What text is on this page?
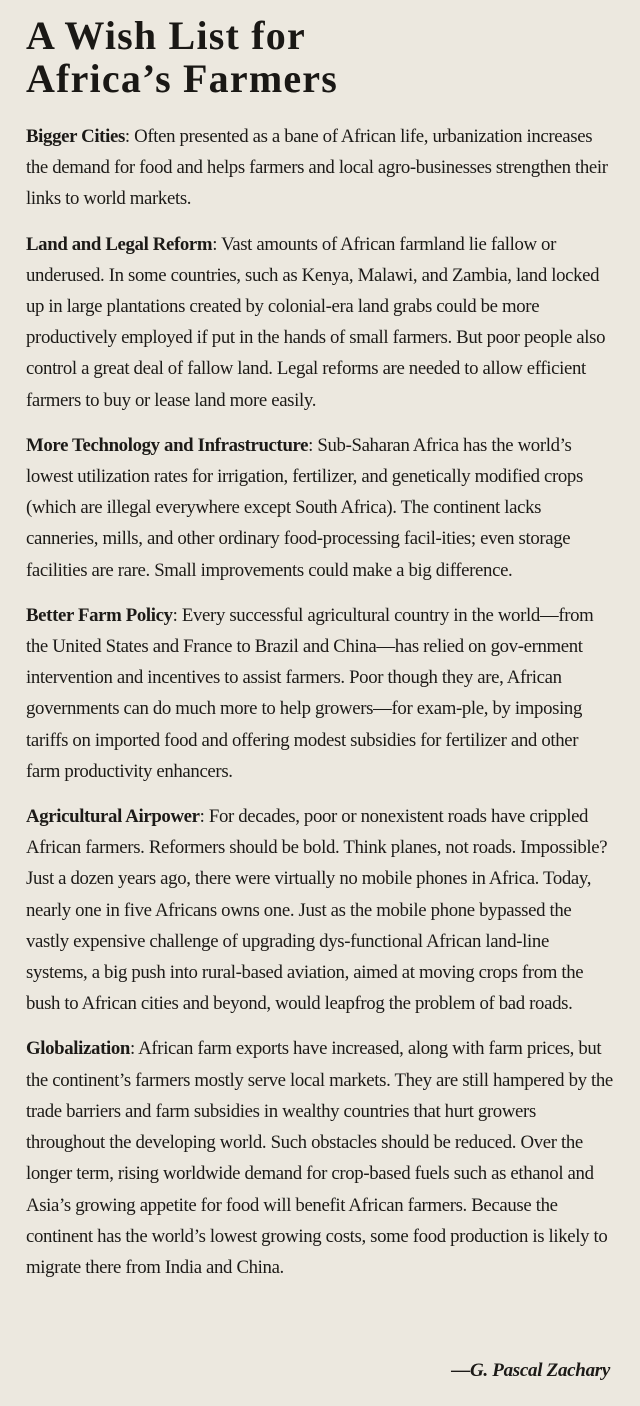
A Wish List for
Africa’s Farmers

Bigger Cities: Often presented as a bane of African life, urbanization increases the demand for food and helps farmers and local agro-businesses strengthen their links to world markets.

Land and Legal Reform: Vast amounts of African farmland lie fallow or underused. In some countries, such as Kenya, Malawi, and Zambia, land locked up in large plantations created by colonial-era land grabs could be more productively employed if put in the hands of small farmers. But poor people also control a great deal of fallow land. Legal reforms are needed to allow efficient farmers to buy or lease land more easily.

More Technology and Infrastructure: Sub-Saharan Africa has the world’s lowest utilization rates for irrigation, fertilizer, and genetically modified crops (which are illegal everywhere except South Africa). The continent lacks canneries, mills, and other ordinary food-processing facil-ities; even storage facilities are rare. Small improvements could make a big difference.

Better Farm Policy: Every successful agricultural country in the world—from the United States and France to Brazil and China—has relied on gov-ernment intervention and incentives to assist farmers. Poor though they are, African governments can do much more to help growers—for exam-ple, by imposing tariffs on imported food and offering modest subsidies for fertilizer and other farm productivity enhancers.

Agricultural Airpower: For decades, poor or nonexistent roads have crippled African farmers. Reformers should be bold. Think planes, not roads. Impossible? Just a dozen years ago, there were virtually no mobile phones in Africa. Today, nearly one in five Africans owns one. Just as the mobile phone bypassed the vastly expensive challenge of upgrading dys-functional African land-line systems, a big push into rural-based aviation, aimed at moving crops from the bush to African cities and beyond, would leapfrog the problem of bad roads.

Globalization: African farm exports have increased, along with farm prices, but the continent’s farmers mostly serve local markets. They are still hampered by the trade barriers and farm subsidies in wealthy countries that hurt growers throughout the developing world. Such obstacles should be reduced. Over the longer term, rising worldwide demand for crop-based fuels such as ethanol and Asia’s growing appetite for food will benefit African farmers. Because the continent has the world’s lowest growing costs, some food production is likely to migrate there from India and China.

—G. Pascal Zachary
